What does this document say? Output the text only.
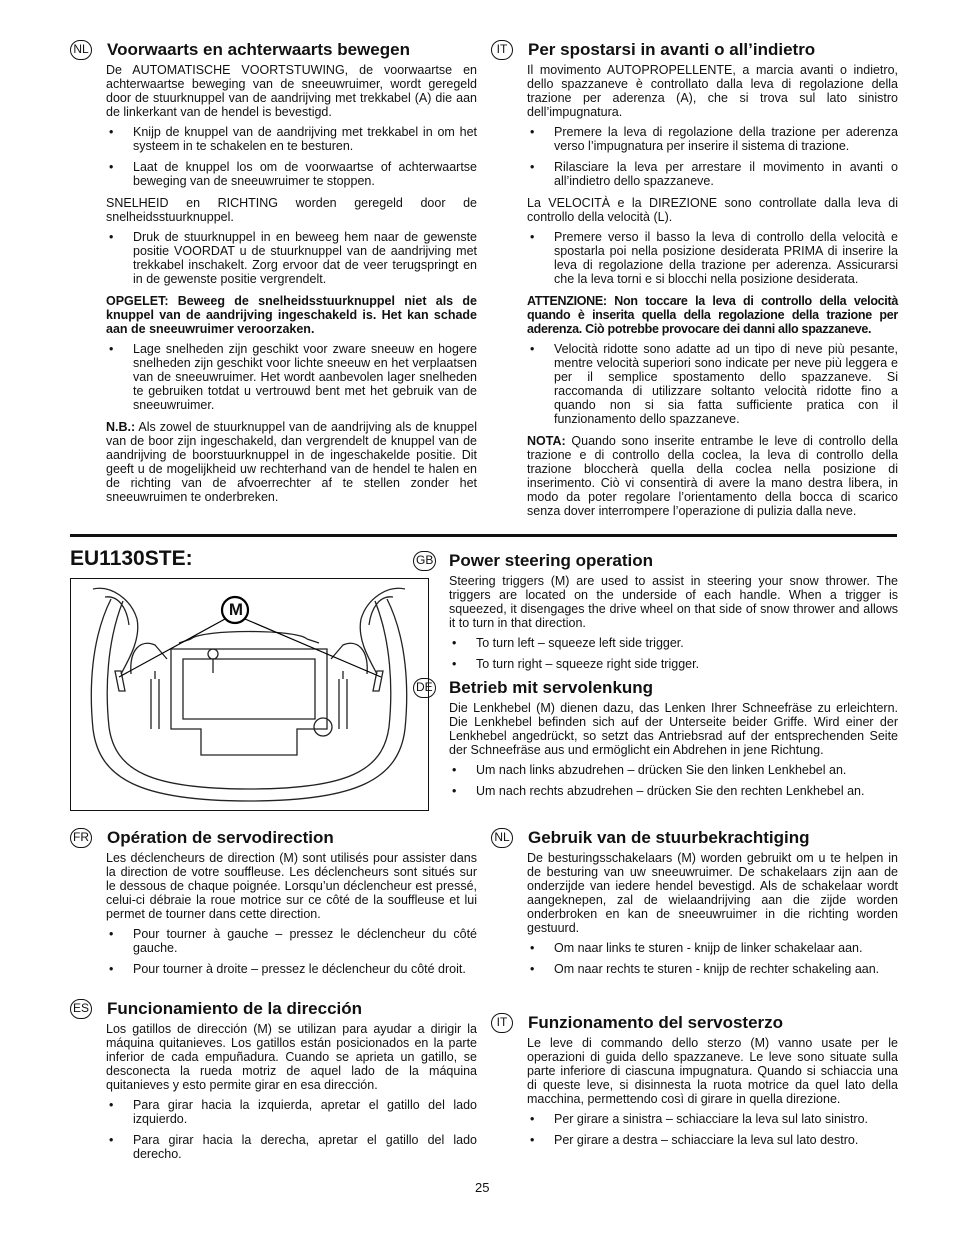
NL Voorwaarts en achterwaarts bewegen

De AUTOMATISCHE VOORTSTUWING, de voorwaartse en achterwaartse beweging van de sneeuwruimer, wordt geregeld door de stuurknuppel van de aandrijving met trekkabel (A) die aan de linkerkant van de hendel is bevestigd.

• Knijp de knuppel van de aandrijving met trekkabel in om het systeem in te schakelen en te besturen.
• Laat de knuppel los om de voorwaartse of achterwaartse beweging van de sneeuwruimer te stoppen.

SNELHEID en RICHTING worden geregeld door de snelheidsstuurknuppel.

• Druk de stuurknuppel in en beweeg hem naar de gewenste positie VOORDAT u de stuurknuppel van de aandrijving met trekkabel inschakelt. Zorg ervoor dat de veer terugspringt en in de gewenste positie vergrendelt.

OPGELET: Beweeg de snelheidsstuurknuppel niet als de knuppel van de aandrijving ingeschakeld is. Het kan schade aan de sneeuwruimer veroorzaken.

• Lage snelheden zijn geschikt voor zware sneeuw en hogere snelheden zijn geschikt voor lichte sneeuw en het verplaatsen van de sneeuwruimer. Het wordt aanbevolen lager snelheden te gebruiken totdat u vertrouwd bent met het gebruik van de sneeuwruimer.

N.B.: Als zowel de stuurknuppel van de aandrijving als de knuppel van de boor zijn ingeschakeld, dan vergrendelt de knuppel van de aandrijving de boorstuurknuppel in de ingeschakelde positie. Dit geeft u de mogelijkheid uw rechterhand van de hendel te halen en de richting van de afvoerrechter af te stellen zonder het sneeuwruimen te onderbreken.

IT	Per spostarsi in avanti o all’indietro

Il movimento AUTOPROPELLENTE, a marcia avanti o indietro, dello spazzaneve è controllato dalla leva di regolazione della trazione per aderenza (A), che si trova sul lato sinistro dell’impugnatura.

• Premere la leva di regolazione della trazione per aderenza verso l’impugnatura per inserire il sistema di trazione.
• Rilasciare la leva per arrestare il movimento in avanti o all’indietro dello spazzaneve.

La VELOCITÀ e la DIREZIONE sono controllate dalla leva di controllo della velocità (L).

• Premere verso il basso la leva di controllo della velocità e spostarla poi nella posizione desiderata PRIMA di inserire la leva di regolazione della trazione per aderenza. Assicurarsi che la leva torni e si blocchi nella posizione desiderata.

ATTENZIONE: Non toccare la leva di controllo della velocità quando è inserita quella della regolazione della trazione per aderenza. Ciò potrebbe provocare dei danni allo spazzaneve.

• Velocità ridotte sono adatte ad un tipo di neve più pesante, mentre velocità superiori sono indicate per neve più leggera e per il semplice spostamento dello spazzaneve. Si raccomanda di utilizzare soltanto velocità ridotte fino a quando non si sia fatta sufficiente pratica con il funzionamento dello spazzaneve.

NOTA: Quando sono inserite entrambe le leve di controllo della trazione e di controllo della coclea, la leva di controllo della trazione bloccherà quella della coclea nella posizione di inserimento. Ciò vi consentirà di avere la mano destra libera, in modo da poter regolare l’orientamento della bocca di scarico senza dover interrompere l’operazione di pulizia dalla neve.

EU1130STE:
M
GB Power steering operation

Steering triggers (M) are used to assist in steering your snow thrower. The triggers are located on the underside of each handle. When a trigger is squeezed, it disengages the drive wheel on that side of snow thrower and allows it to turn in that direction.

• To turn left – squeeze left side trigger.
• To turn right – squeeze right side trigger.
DE Betrieb mit servolenkung

Die Lenkhebel (M) dienen dazu, das Lenken Ihrer Schneefräse zu erleichtern. Die Lenkhebel befinden sich auf der Unterseite beider Griffe. Wird einer der Lenkhebel angedrückt, so setzt das Antriebsrad auf der entsprechenden Seite der Schneefräse aus und ermöglicht ein Abdrehen in jene Richtung.

• Um nach links abzudrehen – drücken Sie den linken Lenkhebel an.
• Um nach rechts abzudrehen – drücken Sie den rechten Lenkhebel an.
FR Opération de servodirection

Les déclencheurs de direction (M) sont utilisés pour assister dans la direction de votre souffleuse. Les déclencheurs sont situés sur le dessous de chaque poignée. Lorsqu’un déclencheur est pressé, celui-ci débraie la roue motrice sur ce côté de la souffleuse et lui permet de tourner dans cette direction.

• Pour tourner à gauche – pressez le déclencheur du côté gauche.
• Pour tourner à droite – pressez le déclencheur du côté droit.
ES Funcionamiento de la dirección

Los gatillos de dirección (M) se utilizan para ayudar a dirigir la máquina quitanieves. Los gatillos están posicionados en la parte inferior de cada empuñadura. Cuando se aprieta un gatillo, se desconecta la rueda motriz de aquel lado de la máquina quitanieves y esto permite girar en esa dirección.

• Para girar hacia la izquierda, apretar el gatillo del lado izquierdo.
• Para girar hacia la derecha, apretar el gatillo del lado derecho.
NL Gebruik van de stuurbekrachtiging

De besturingsschakelaars (M) worden gebruikt om u te helpen in de besturing van uw sneeuwruimer. De schakelaars zijn aan de onderzijde van iedere hendel bevestigd. Als de schakelaar wordt aangeknepen, zal de wielaandrijving aan die zijde worden onderbroken en kan de sneeuwruimer in die richting worden gestuurd.

• Om naar links te sturen - knijp de linker schakelaar aan.
• Om naar rechts te sturen - knijp de rechter schakeling aan.
IT	Funzionamento del servosterzo

Le leve di commando dello sterzo (M) vanno usate per le operazioni di guida dello spazzaneve. Le leve sono situate sulla parte inferiore di ciascuna impugnatura. Quando si schiaccia una di queste leve, si disinnesta la ruota motrice da quel lato della macchina, permettendo così di girare in quella direzione.

• Per girare a sinistra – schiacciare la leva sul lato sinistro.
• Per girare a destra – schiacciare la leva sul lato destro.
25
